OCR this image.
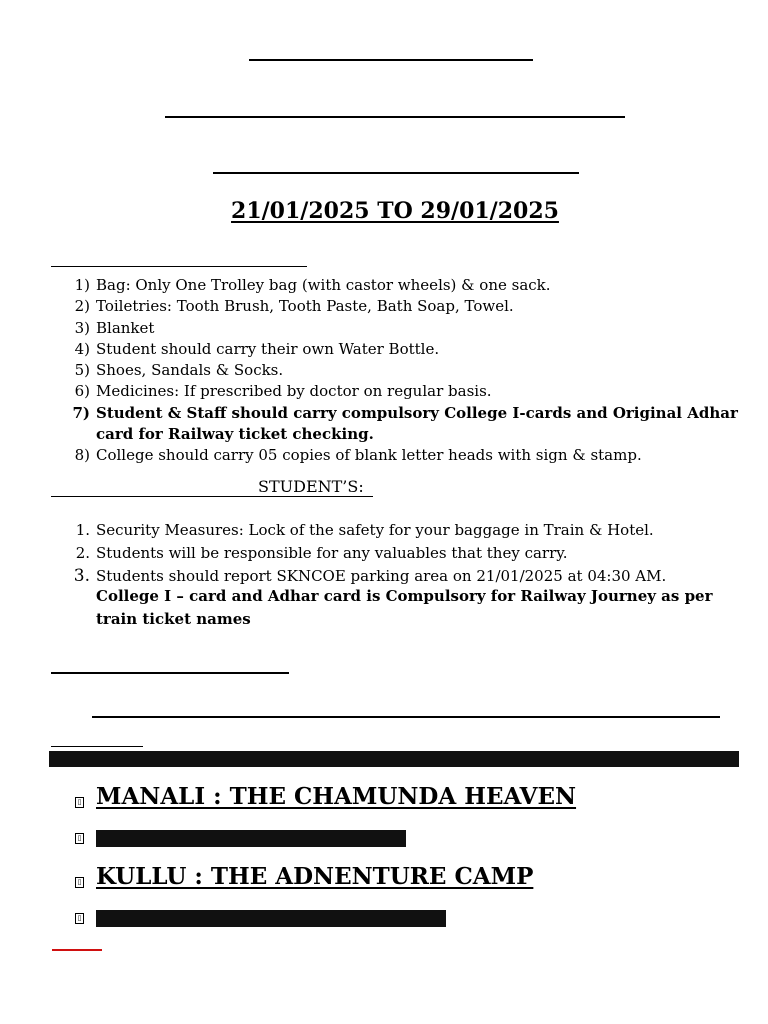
21/01/2025 TO 29/01/2025
1) Bag: Only One Trolley bag (with castor wheels) & one sack.
2) Toiletries: Tooth Brush, Tooth Paste, Bath Soap, Towel.
3) Blanket
4) Student should carry their own Water Bottle.
5) Shoes, Sandals & Socks.
6) Medicines: If prescribed by doctor on regular basis.
7) Student & Staff should carry compulsory College I-cards and Original Adhar card for Railway ticket checking.
8) College should carry 05 copies of blank letter heads with sign & stamp.
STUDENT’S:
1. Security Measures: Lock of the safety for your baggage in Train & Hotel.
2. Students will be responsible for any valuables that they carry.
3. Students should report SKNCOE parking area on 21/01/2025 at 04:30 AM.
College I – card and Adhar card is Compulsory for Railway Journey as per train ticket names
▯ MANALI : THE CHAMUNDA HEAVEN
▯
▯ KULLU : THE ADNENTURE CAMP
▯
